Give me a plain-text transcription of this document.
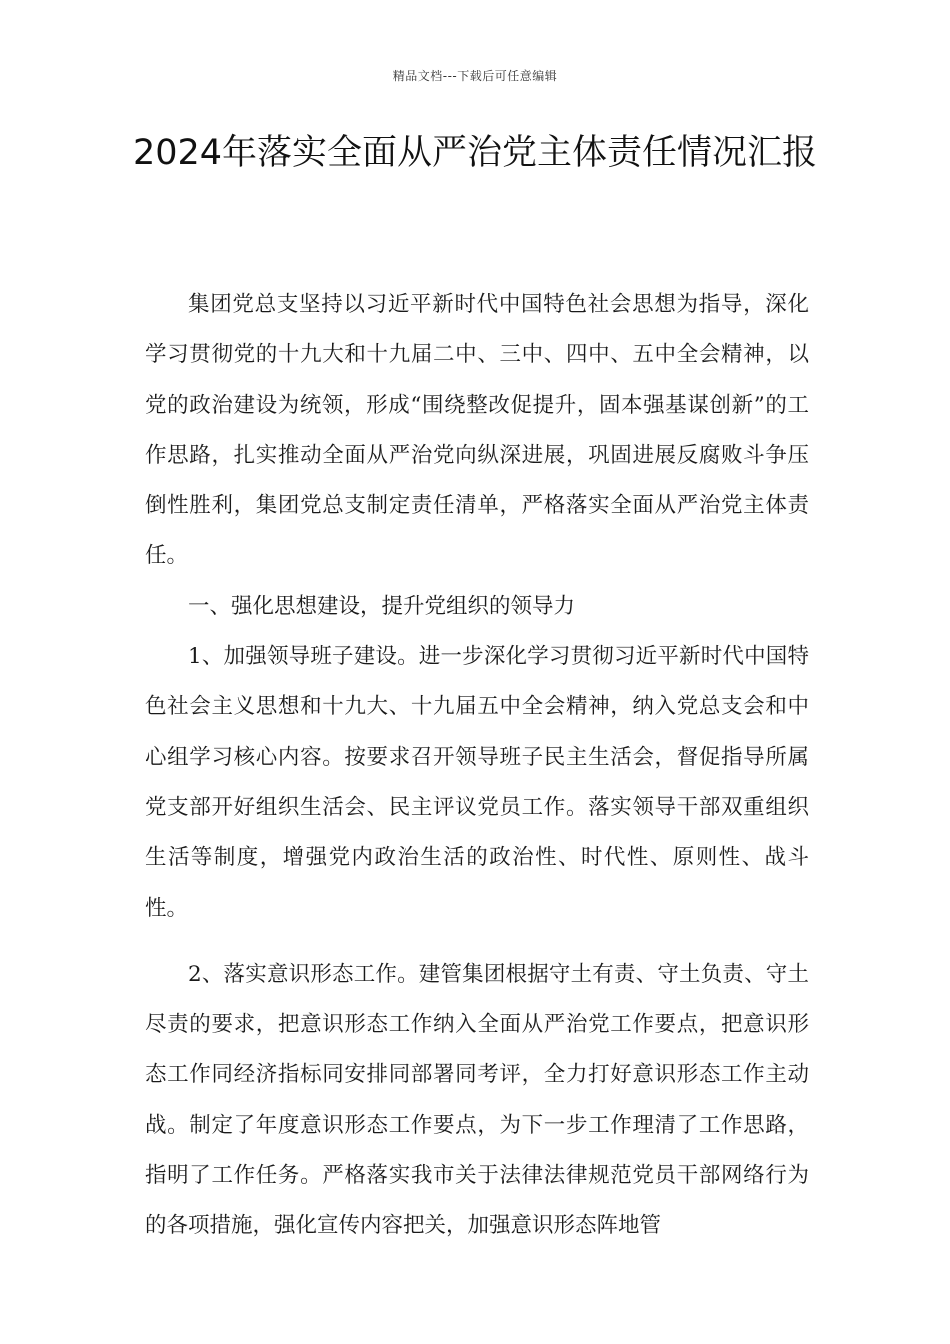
精品文档---下载后可任意编辑
2024年落实全面从严治党主体责任情况汇报

集团党总支坚持以习近平新时代中国特色社会思想为指导，深化学习贯彻党的十九大和十九届二中、三中、四中、五中全会精神，以党的政治建设为统领，形成“围绕整改促提升，固本强基谋创新”的工作思路，扎实推动全面从严治党向纵深进展，巩固进展反腐败斗争压倒性胜利，集团党总支制定责任清单，严格落实全面从严治党主体责任。

一、强化思想建设，提升党组织的领导力

1、加强领导班子建设。进一步深化学习贯彻习近平新时代中国特色社会主义思想和十九大、十九届五中全会精神，纳入党总支会和中心组学习核心内容。按要求召开领导班子民主生活会，督促指导所属党支部开好组织生活会、民主评议党员工作。落实领导干部双重组织生活等制度，增强党内政治生活的政治性、时代性、原则性、战斗性。

2、落实意识形态工作。建管集团根据守土有责、守土负责、守土尽责的要求，把意识形态工作纳入全面从严治党工作要点，把意识形态工作同经济指标同安排同部署同考评，全力打好意识形态工作主动战。制定了年度意识形态工作要点，为下一步工作理清了工作思路，指明了工作任务。严格落实我市关于法律法律规范党员干部网络行为的各项措施，强化宣传内容把关，加强意识形态阵地管
